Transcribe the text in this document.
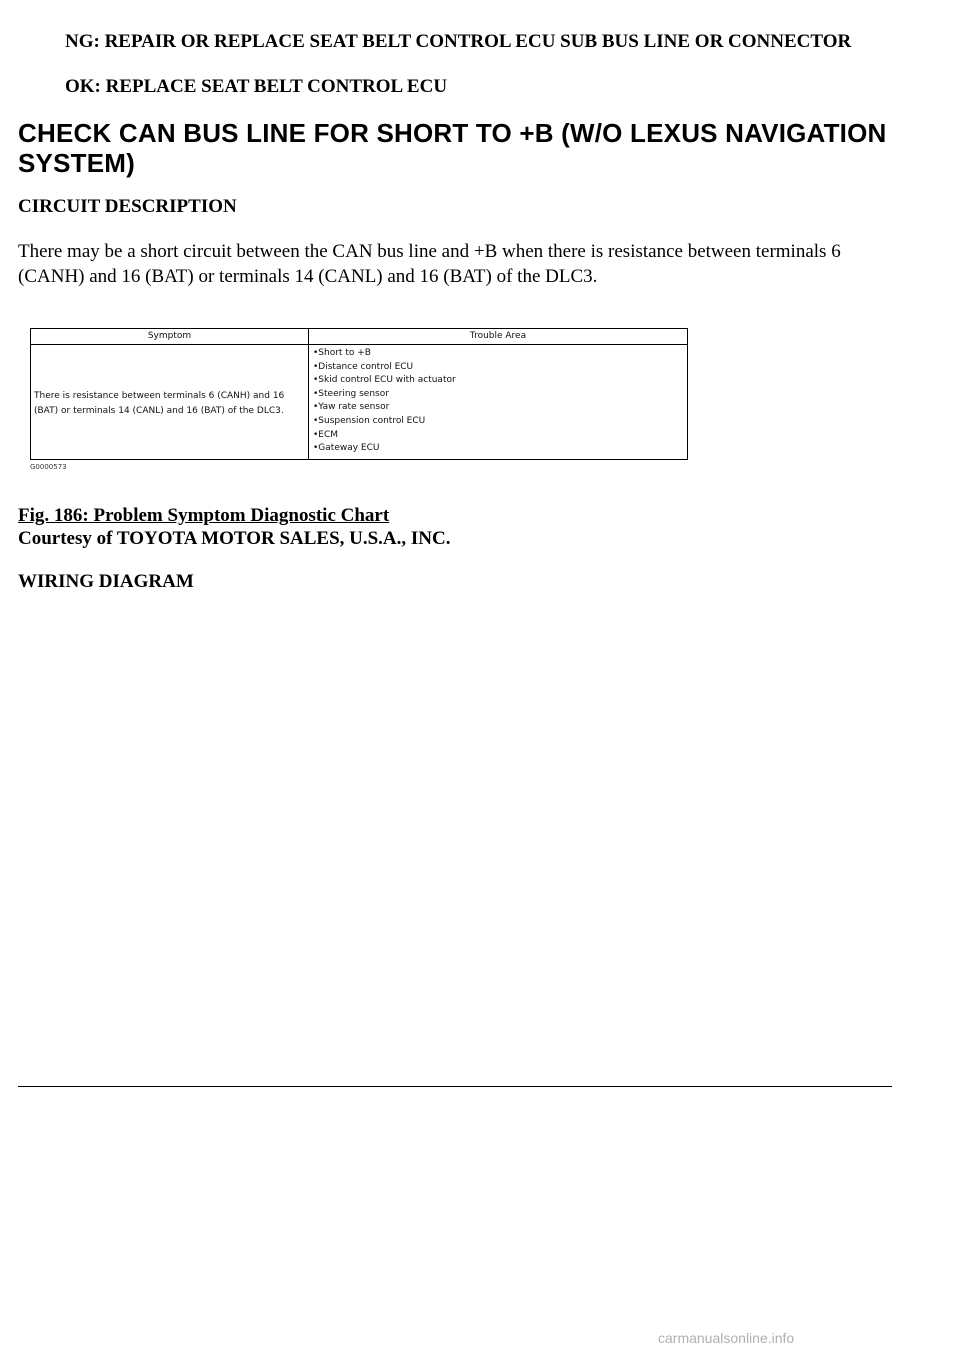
NG: REPAIR OR REPLACE SEAT BELT CONTROL ECU SUB BUS LINE OR CONNECTOR
OK: REPLACE SEAT BELT CONTROL ECU
CHECK CAN BUS LINE FOR SHORT TO +B (W/O LEXUS NAVIGATION SYSTEM)
CIRCUIT DESCRIPTION
There may be a short circuit between the CAN bus line and +B when there is resistance between terminals 6 (CANH) and 16 (BAT) or terminals 14 (CANL) and 16 (BAT) of the DLC3.
Symptom	Trouble Area
There is resistance between terminals 6 (CANH) and 16 (BAT) or terminals 14 (CANL) and 16 (BAT) of the DLC3.
•Short to +B
•Distance control ECU
•Skid control ECU with actuator
•Steering sensor
•Yaw rate sensor
•Suspension control ECU
•ECM
•Gateway ECU
G0000573
Fig. 186: Problem Symptom Diagnostic Chart
Courtesy of TOYOTA MOTOR SALES, U.S.A., INC.
WIRING DIAGRAM
carmanualsonline.info
